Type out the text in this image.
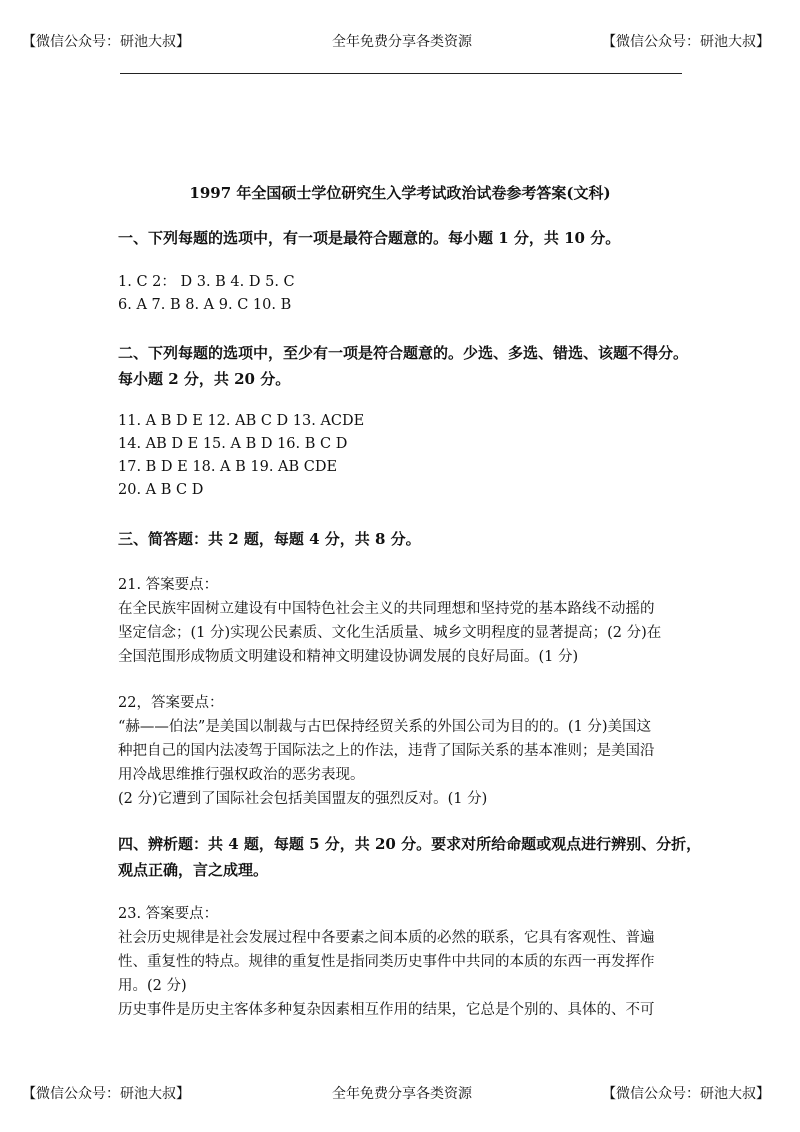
【微信公众号：研池大叔】	全年免费分享各类资源	【微信公众号：研池大叔】
1997 年全国硕士学位研究生入学考试政治试卷参考答案(文科)
一、下列每题的选项中，有一项是最符合题意的。每小题 1 分，共 10 分。
1. C 2： D 3. B 4. D 5. C
6. A 7. B 8. A 9. C 10. B
二、下列每题的选项中，至少有一项是符合题意的。少选、多选、错选、该题不得分。
每小题 2 分，共 20 分。
11. A B D E 12. AB C D 13. ACDE
14. AB D E 15. A B D 16. B C D
17. B D E 18. A B 19. AB CDE
20. A B C D
三、简答题：共 2 题，每题 4 分，共 8 分。
21. 答案要点：
在全民族牢固树立建设有中国特色社会主义的共同理想和坚持党的基本路线不动摇的
坚定信念；(1 分)实现公民素质、文化生活质量、城乡文明程度的显著提高；(2 分)在
全国范围形成物质文明建设和精神文明建设协调发展的良好局面。(1 分)
22，答案要点：
“赫——伯法”是美国以制裁与古巴保持经贸关系的外国公司为目的的。(1 分)美国这
种把自己的国内法凌驾于国际法之上的作法，违背了国际关系的基本准则；是美国沿
用冷战思维推行强权政治的恶劣表现。
(2 分)它遭到了国际社会包括美国盟友的强烈反对。(1 分)
四、辨析题：共 4 题，每题 5 分，共 20 分。要求对所给命题或观点进行辨别、分折，
观点正确，言之成理。
23. 答案要点：
社会历史规律是社会发展过程中各要素之间本质的必然的联系，它具有客观性、普遍
性、重复性的特点。规律的重复性是指同类历史事件中共同的本质的东西一再发挥作
用。(2 分)
历史事件是历史主客体多种复杂因素相互作用的结果，它总是个别的、具体的、不可
【微信公众号：研池大叔】	全年免费分享各类资源	【微信公众号：研池大叔】
